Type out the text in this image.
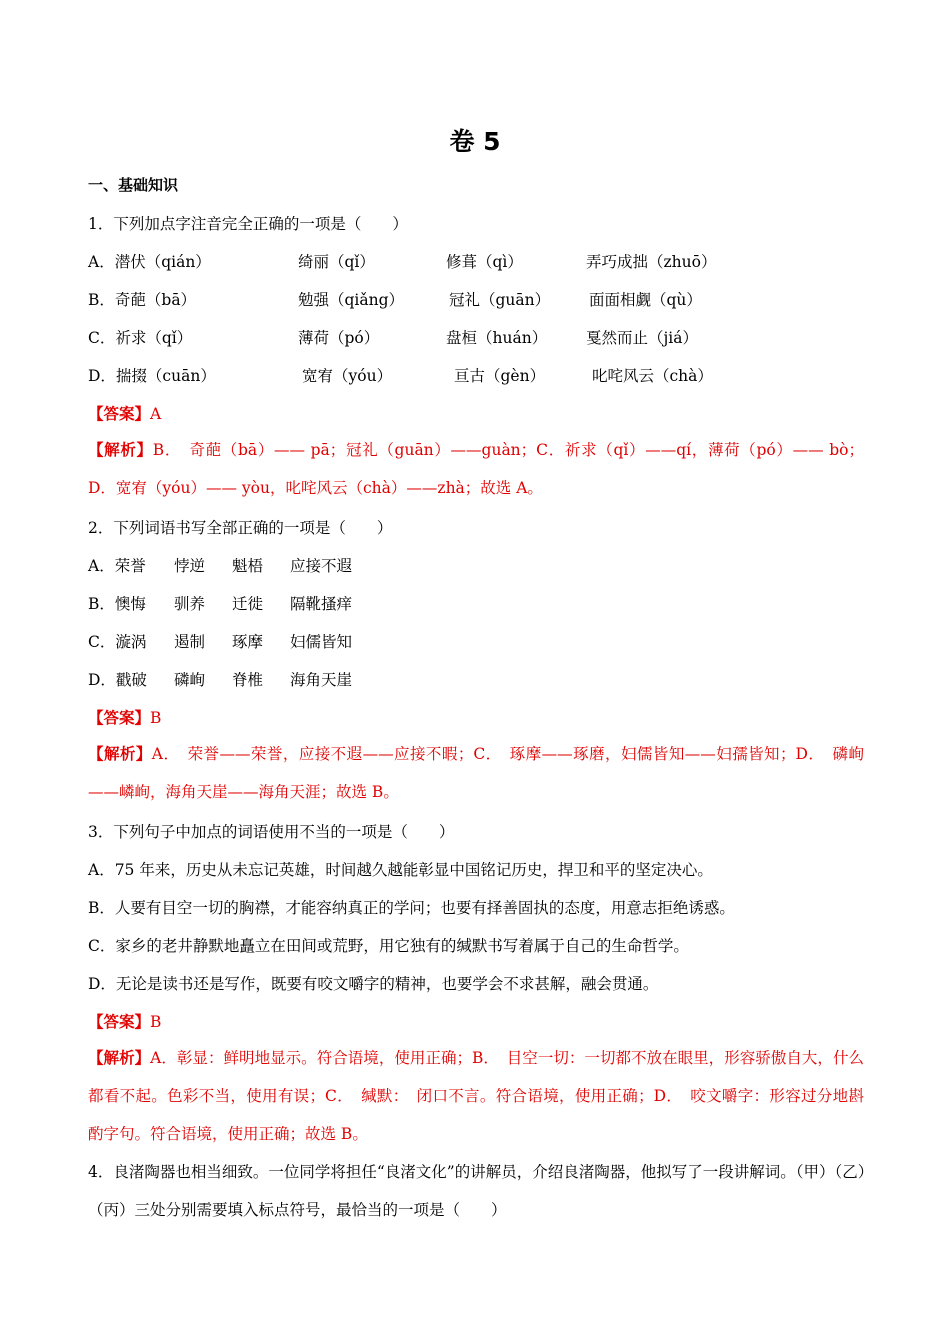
卷 5
一、基础知识
1．下列加点字注音完全正确的一项是（　　）
A．潜伏（qián）	绮丽（qǐ）	修葺（qì）	弄巧成拙（zhuō）
B．奇葩（bā）	勉强（qiǎng）	冠礼（guān）	面面相觑（qù）
C．祈求（qǐ）	薄荷（pó）	盘桓（huán）	戛然而止（jiá）
D．揣掇（cuān）	宽宥（yóu）	亘古（gèn）	叱咤风云（chà）
【答案】A
【解析】B．　奇葩（bā）—— pā；冠礼（guān）——guàn；C．祈求（qǐ）——qí，薄荷（pó）—— bò；D．宽宥（yóu）—— yòu，叱咤风云（chà）——zhà；故选 A。
2．下列词语书写全部正确的一项是（　　）
A．荣誉 悖逆 魁梧 应接不遐
B．懊悔 驯养 迁徙 隔靴搔痒
C．漩涡 遏制 琢摩 妇儒皆知
D．戳破 磷峋 脊椎 海角天崖
【答案】B
【解析】A．　荣誉——荣誉，应接不遐——应接不暇；C．　琢摩——琢磨，妇儒皆知——妇孺皆知；D．　磷峋——嶙峋，海角天崖——海角天涯；故选 B。
3．下列句子中加点的词语使用不当的一项是（　　）
A．75 年来，历史从未忘记英雄，时间越久越能彰显中国铭记历史，捍卫和平的坚定决心。
B．人要有目空一切的胸襟，才能容纳真正的学问；也要有择善固执的态度，用意志拒绝诱惑。
C．家乡的老井静默地矗立在田间或荒野，用它独有的缄默书写着属于自己的生命哲学。
D．无论是读书还是写作，既要有咬文嚼字的精神，也要学会不求甚解，融会贯通。
【答案】B
【解析】A．彰显：鲜明地显示。符合语境，使用正确；B．　目空一切：一切都不放在眼里，形容骄傲自大，什么都看不起。色彩不当，使用有误；C．　缄默：　闭口不言。符合语境，使用正确；D．　咬文嚼字：形容过分地斟酌字句。符合语境，使用正确；故选 B。
4．良渚陶器也相当细致。一位同学将担任“良渚文化”的讲解员，介绍良渚陶器，他拟写了一段讲解词。（甲）（乙）（丙）三处分别需要填入标点符号，最恰当的一项是（　　）
